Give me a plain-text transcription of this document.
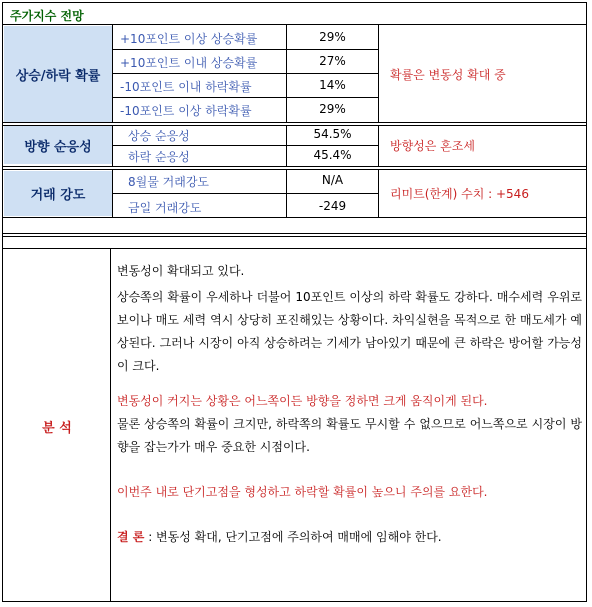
주가지수 전망
상승/하락 확률
+10포인트 이상 상승확률
+10포인트 이내 상승확률
-10포인트 이내 하락확률
-10포인트 이상 하락확률
29%
27%
14%
29%
확률은 변동성 확대 중
방향 순응성
상승 순응성
하락 순응성
54.5%
45.4%
방향성은 혼조세
거래 강도
8월물 거래강도
금일 거래강도
N/A
-249
리미트(한계) 수치 : +546
분 석

변동성이 확대되고 있다.

상승쪽의 확률이 우세하나 더불어 10포인트 이상의 하락 확률도 강하다. 매수세력 우위로 보이나 매도 세력 역시 상당히 포진해있는 상황이다. 차익실현을 목적으로 한 매도세가 예상된다. 그러나 시장이 아직 상승하려는 기세가 남아있기 때문에 큰 하락은 방어할 가능성이 크다.

변동성이 커지는 상황은 어느쪽이든 방향을 정하면 크게 움직이게 된다.

물론 상승쪽의 확률이 크지만, 하락쪽의 확률도 무시할 수 없으므로 어느쪽으로 시장이 방향을 잡는가가 매우 중요한 시점이다.

이번주 내로 단기고점을 형성하고 하락할 확률이 높으니 주의를 요한다.

결 론 : 변동성 확대, 단기고점에 주의하여 매매에 임해야 한다.
